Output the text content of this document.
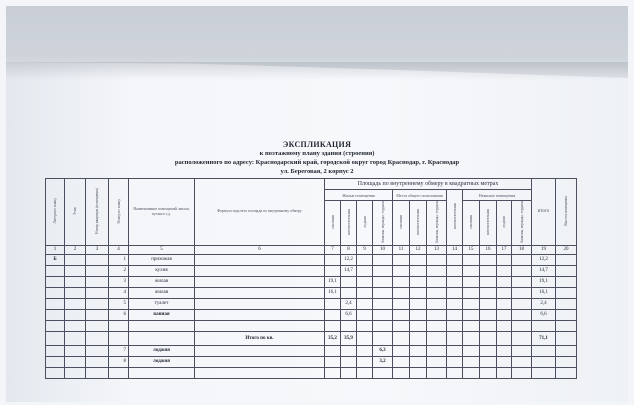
ЭКСПЛИКАЦИЯ
к поэтажному плану здания (строения)
расположенного по адресу: Краснодарский край, городской округ город Краснодар, г. Краснодар
ул. Береговая, 2 корпус 2
Литера по плану	Этаж	Номер квартиры (помещения)	Номер по плану	Наименование помещений: жилая, кухня и т.д.	Формула подсчета площади по внутреннему обмеру	Площадь по внутреннему обмеру в квадратных метрах												итого	Высота помещения
						Жилые помещения				Места общего пользования			вспомогательная	Нежилые помещения					
						основная	вспомогательная	лоджии	балконы, веранды, террасы	основная	вспомогательная	балконы, веранды, террасы		основная	вспомогательная	лоджии	балконы, веранды, террасы		
1	2	3	4	5	6	7	8	9	10	11	12	13	14	15	16	17	18	19	20
Б			1	прихожая			12,2											12,2	
			2	кухня			14,7											14,7	
			3	жилая		19,1												19,1	
			4	жилая		16,1												16,1	
			5	туалет			2,4											2,4	
			6	ванная			6,6											6,6	

					Итого по кв.	35,2	35,9											71,1	
			7	лоджия					6,3										
			8	лоджия					3,2										
